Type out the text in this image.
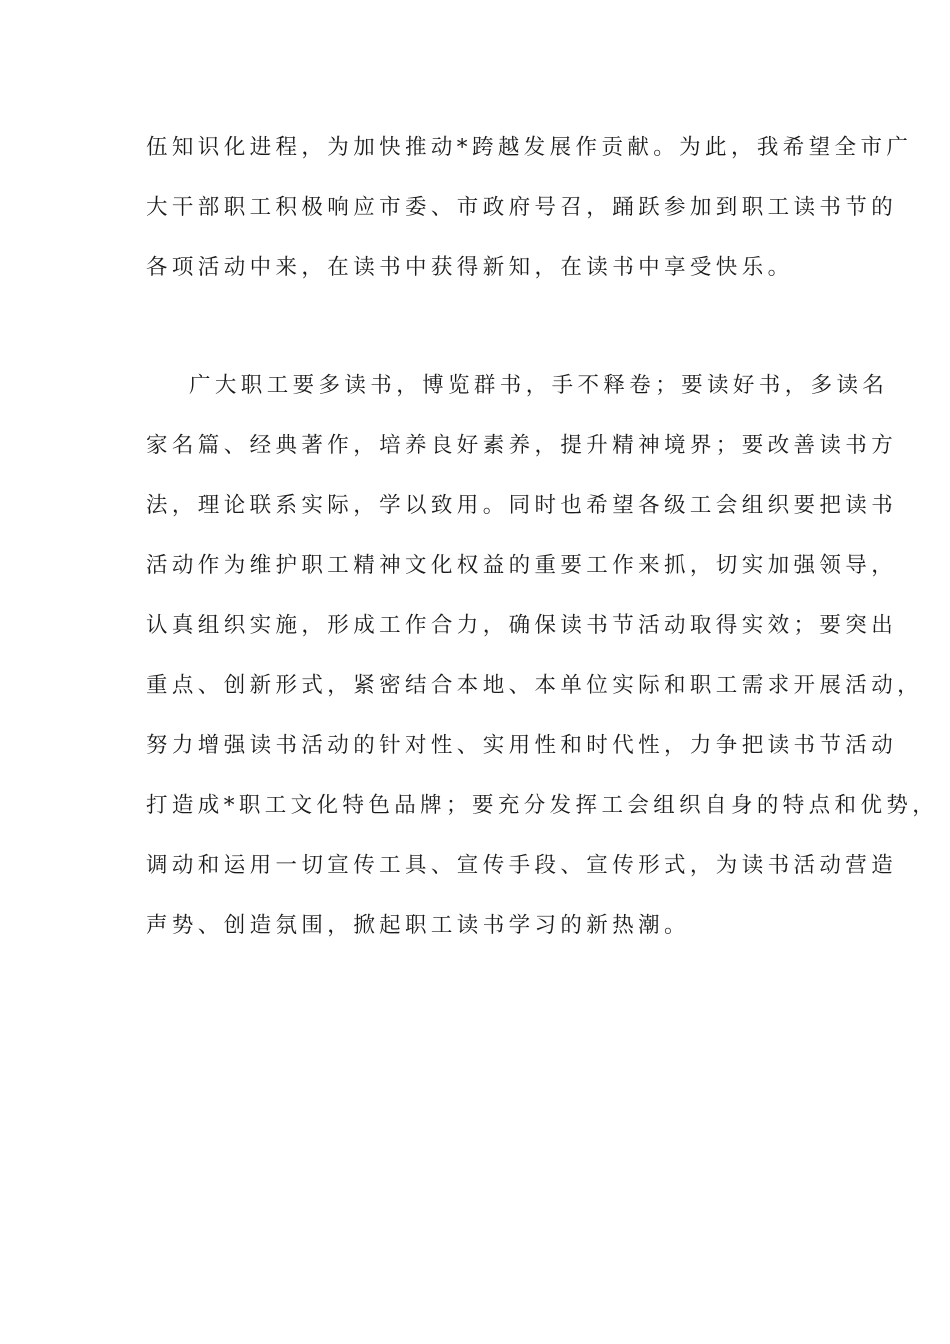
伍知识化进程，为加快推动*跨越发展作贡献。为此，我希望全市广
大干部职工积极响应市委、市政府号召，踊跃参加到职工读书节的
各项活动中来，在读书中获得新知，在读书中享受快乐。
广大职工要多读书，博览群书，手不释卷；要读好书，多读名
家名篇、经典著作，培养良好素养，提升精神境界；要改善读书方
法，理论联系实际，学以致用。同时也希望各级工会组织要把读书
活动作为维护职工精神文化权益的重要工作来抓，切实加强领导，
认真组织实施，形成工作合力，确保读书节活动取得实效；要突出
重点、创新形式，紧密结合本地、本单位实际和职工需求开展活动，
努力增强读书活动的针对性、实用性和时代性，力争把读书节活动
打造成*职工文化特色品牌；要充分发挥工会组织自身的特点和优势，
调动和运用一切宣传工具、宣传手段、宣传形式，为读书活动营造
声势、创造氛围，掀起职工读书学习的新热潮。
